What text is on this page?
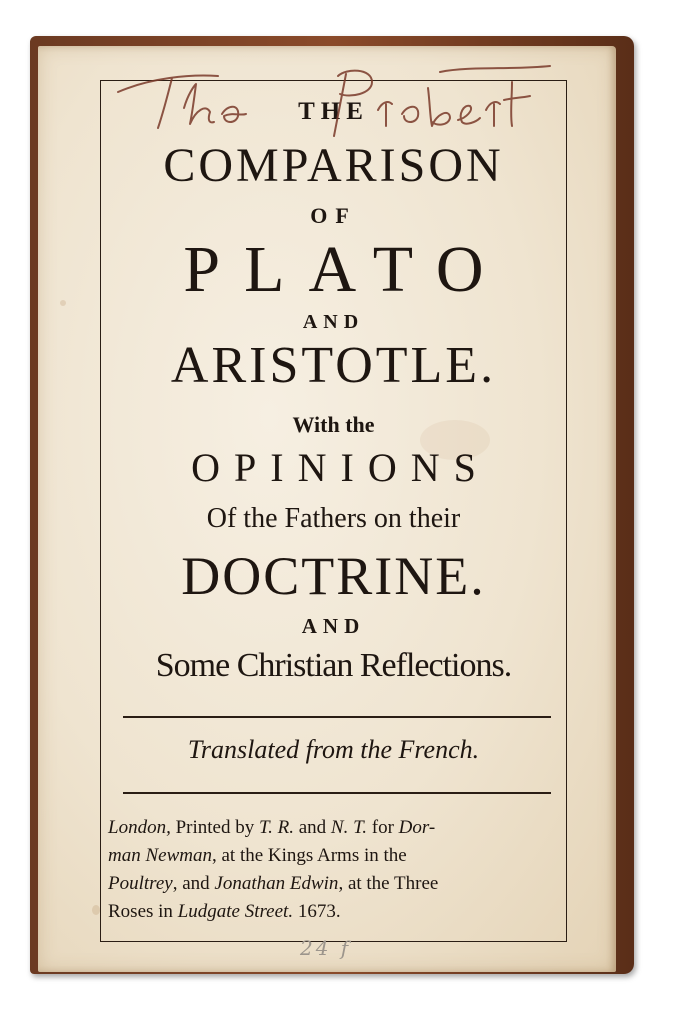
THE
COMPARISON
OF
PLATO
AND
ARISTOTLE.
With the
OPINIONS
Of the Fathers on their
DOCTRINE.
AND
Some Christian Reflections.
Translated from the French.

London, Printed by T. R. and N. T. for Dor-

man Newman, at the Kings Arms in the

Poultrey, and Jonathan Edwin, at the Three

Roses in Ludgate Street. 1673.

24 f
